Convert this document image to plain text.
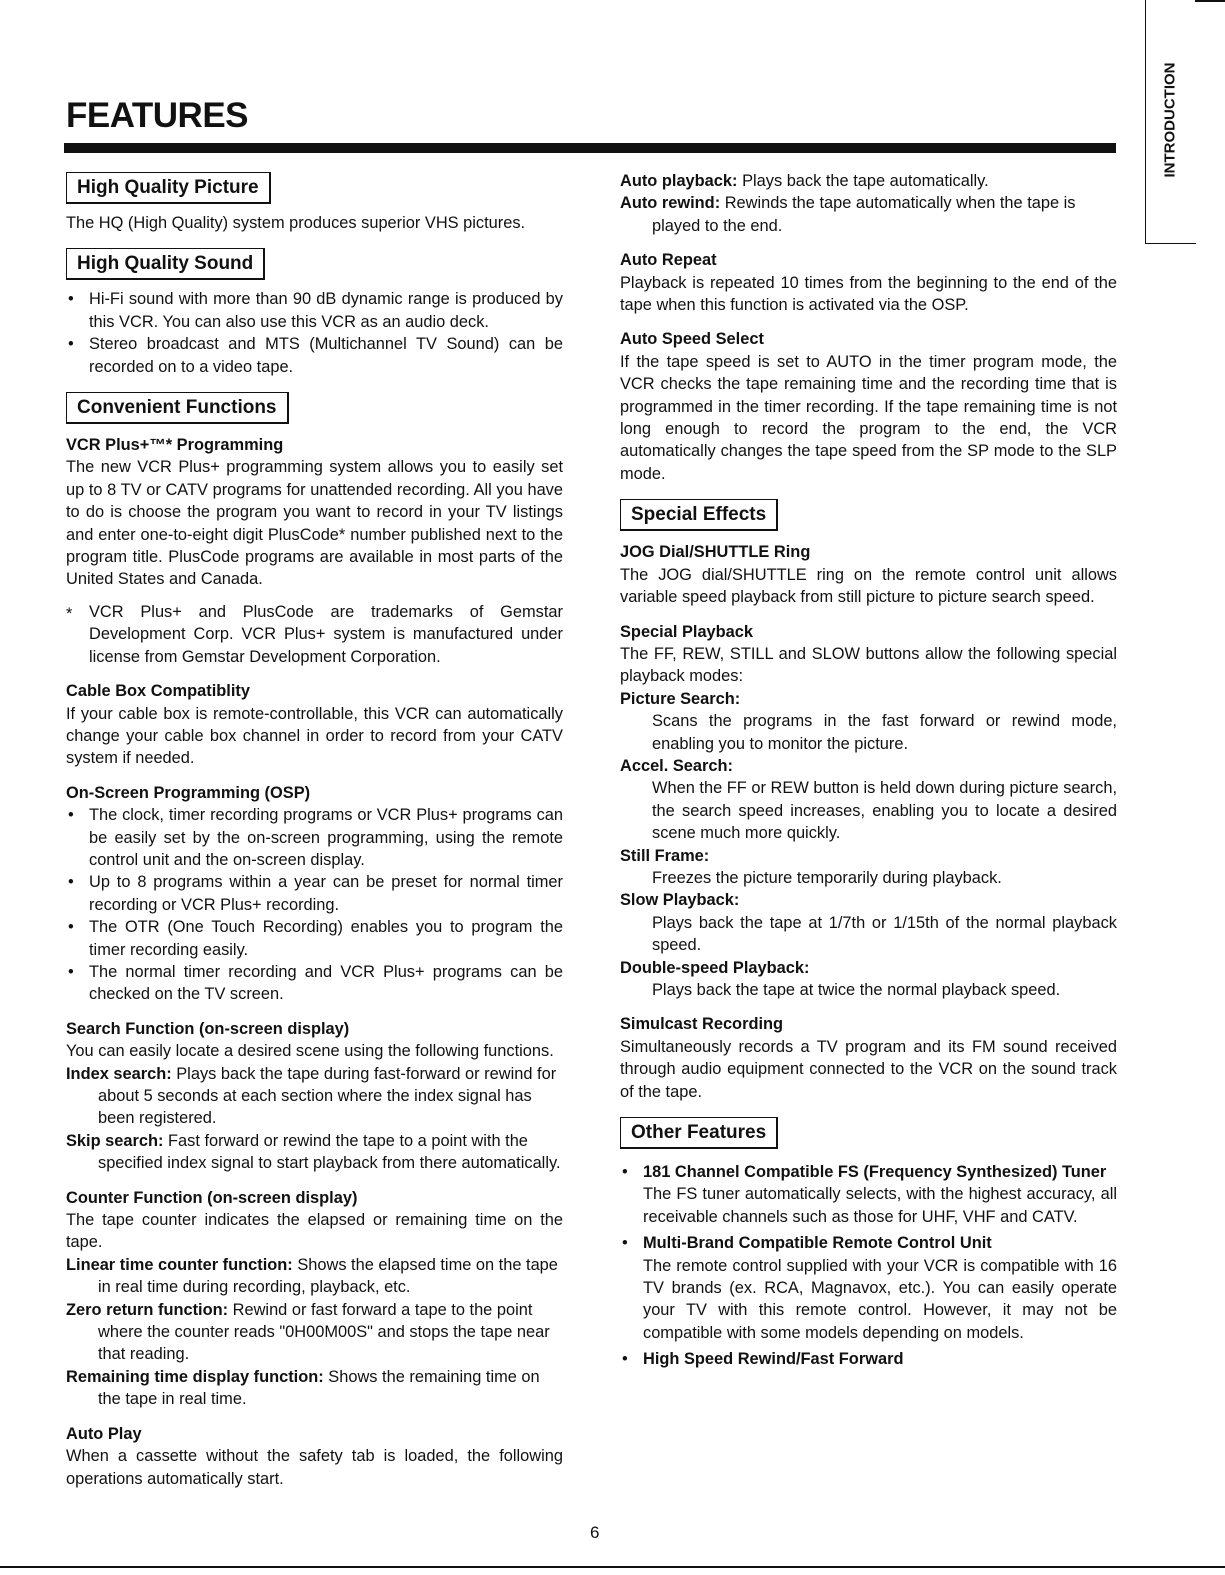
FEATURES	INTRODUCTION
High Quality Picture
The HQ (High Quality) system produces superior VHS pictures.
High Quality Sound
• Hi-Fi sound with more than 90 dB dynamic range is produced by this VCR. You can also use this VCR as an audio deck.
• Stereo broadcast and MTS (Multichannel TV Sound) can be recorded on to a video tape.
Convenient Functions
VCR Plus+™* Programming
The new VCR Plus+ programming system allows you to easily set up to 8 TV or CATV programs for unattended recording. All you have to do is choose the program you want to record in your TV listings and enter one-to-eight digit PlusCode* number published next to the program title. PlusCode programs are available in most parts of the United States and Canada.
* VCR Plus+ and PlusCode are trademarks of Gemstar Development Corp. VCR Plus+ system is manufactured under license from Gemstar Development Corporation.
Cable Box Compatiblity
If your cable box is remote-controllable, this VCR can automatically change your cable box channel in order to record from your CATV system if needed.
On-Screen Programming (OSP)
• The clock, timer recording programs or VCR Plus+ programs can be easily set by the on-screen programming, using the remote control unit and the on-screen display.
• Up to 8 programs within a year can be preset for normal timer recording or VCR Plus+ recording.
• The OTR (One Touch Recording) enables you to program the timer recording easily.
• The normal timer recording and VCR Plus+ programs can be checked on the TV screen.
Search Function (on-screen display)
You can easily locate a desired scene using the following functions.
Index search: Plays back the tape during fast-forward or rewind for about 5 seconds at each section where the index signal has been registered.
Skip search: Fast forward or rewind the tape to a point with the specified index signal to start playback from there automatically.
Counter Function (on-screen display)
The tape counter indicates the elapsed or remaining time on the tape.
Linear time counter function: Shows the elapsed time on the tape in real time during recording, playback, etc.
Zero return function: Rewind or fast forward a tape to the point where the counter reads "0H00M00S" and stops the tape near that reading.
Remaining time display function: Shows the remaining time on the tape in real time.
Auto Play
When a cassette without the safety tab is loaded, the following operations automatically start.
Auto playback: Plays back the tape automatically.
Auto rewind: Rewinds the tape automatically when the tape is played to the end.
Auto Repeat
Playback is repeated 10 times from the beginning to the end of the tape when this function is activated via the OSP.
Auto Speed Select
If the tape speed is set to AUTO in the timer program mode, the VCR checks the tape remaining time and the recording time that is programmed in the timer recording. If the tape remaining time is not long enough to record the program to the end, the VCR automatically changes the tape speed from the SP mode to the SLP mode.
Special Effects
JOG Dial/SHUTTLE Ring
The JOG dial/SHUTTLE ring on the remote control unit allows variable speed playback from still picture to picture search speed.
Special Playback
The FF, REW, STILL and SLOW buttons allow the following special playback modes:
Picture Search:
Scans the programs in the fast forward or rewind mode, enabling you to monitor the picture.
Accel. Search:
When the FF or REW button is held down during picture search, the search speed increases, enabling you to locate a desired scene much more quickly.
Still Frame:
Freezes the picture temporarily during playback.
Slow Playback:
Plays back the tape at 1/7th or 1/15th of the normal playback speed.
Double-speed Playback:
Plays back the tape at twice the normal playback speed.
Simulcast Recording
Simultaneously records a TV program and its FM sound received through audio equipment connected to the VCR on the sound track of the tape.
Other Features
• 181 Channel Compatible FS (Frequency Synthesized) Tuner
The FS tuner automatically selects, with the highest accuracy, all receivable channels such as those for UHF, VHF and CATV.
• Multi-Brand Compatible Remote Control Unit
The remote control supplied with your VCR is compatible with 16 TV brands (ex. RCA, Magnavox, etc.). You can easily operate your TV with this remote control. However, it may not be compatible with some models depending on models.
• High Speed Rewind/Fast Forward
6
